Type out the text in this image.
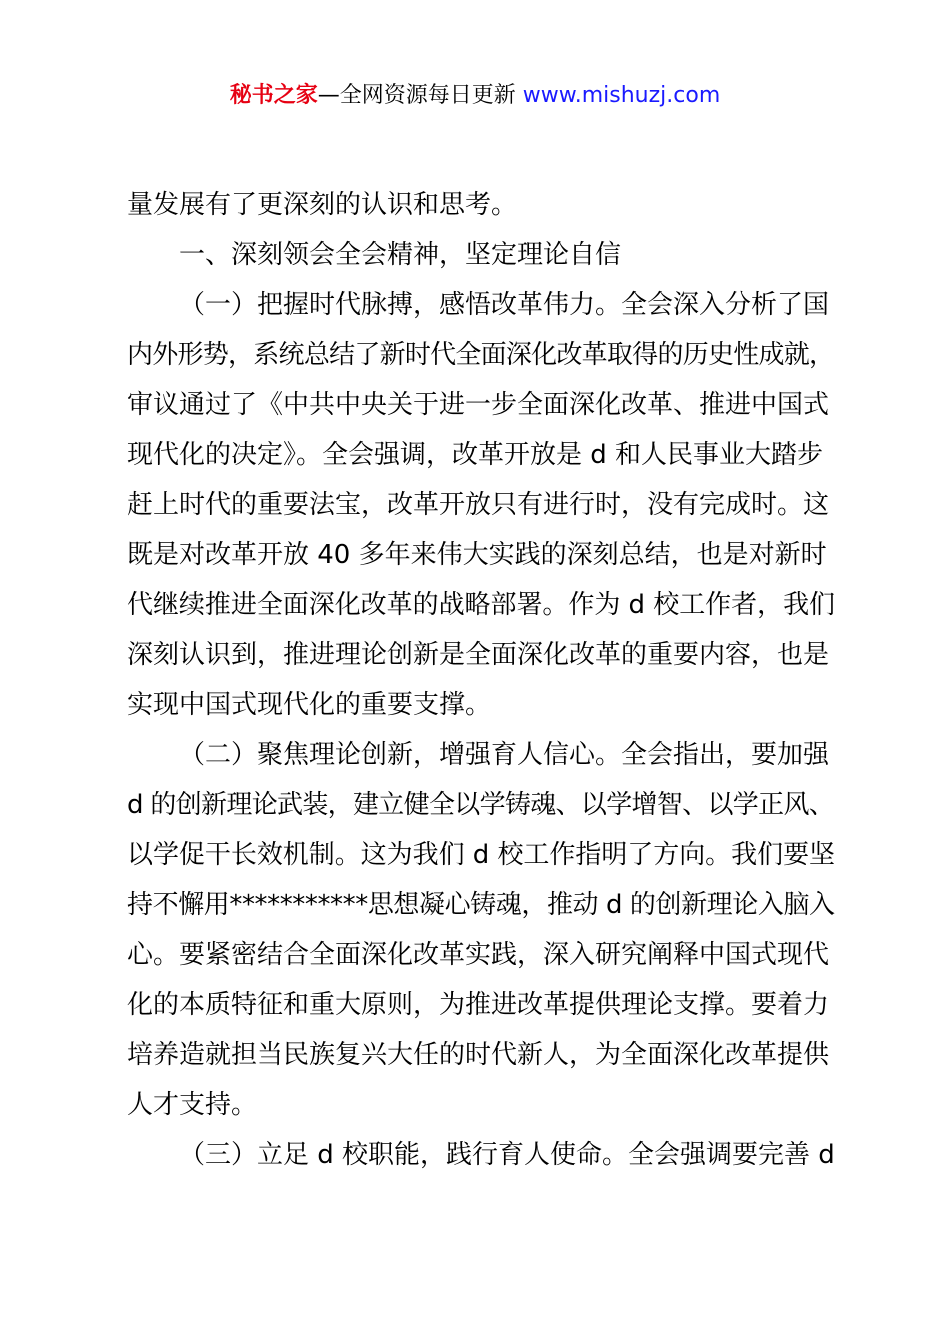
秘书之家—全网资源每日更新 www.mishuzj.com
量发展有了更深刻的认识和思考。
一、深刻领会全会精神，坚定理论自信
（一）把握时代脉搏，感悟改革伟力。全会深入分析了国
内外形势，系统总结了新时代全面深化改革取得的历史性成就，
审议通过了《中共中央关于进一步全面深化改革、推进中国式
现代化的决定》。全会强调，改革开放是 d 和人民事业大踏步
赶上时代的重要法宝，改革开放只有进行时，没有完成时。这
既是对改革开放 40 多年来伟大实践的深刻总结，也是对新时
代继续推进全面深化改革的战略部署。作为 d 校工作者，我们
深刻认识到，推进理论创新是全面深化改革的重要内容，也是
实现中国式现代化的重要支撑。
（二）聚焦理论创新，增强育人信心。全会指出，要加强
d 的创新理论武装，建立健全以学铸魂、以学增智、以学正风、
以学促干长效机制。这为我们 d 校工作指明了方向。我们要坚
持不懈用***********思想凝心铸魂，推动 d 的创新理论入脑入
心。要紧密结合全面深化改革实践，深入研究阐释中国式现代
化的本质特征和重大原则，为推进改革提供理论支撑。要着力
培养造就担当民族复兴大任的时代新人，为全面深化改革提供
人才支持。
（三）立足 d 校职能，践行育人使命。全会强调要完善 d
